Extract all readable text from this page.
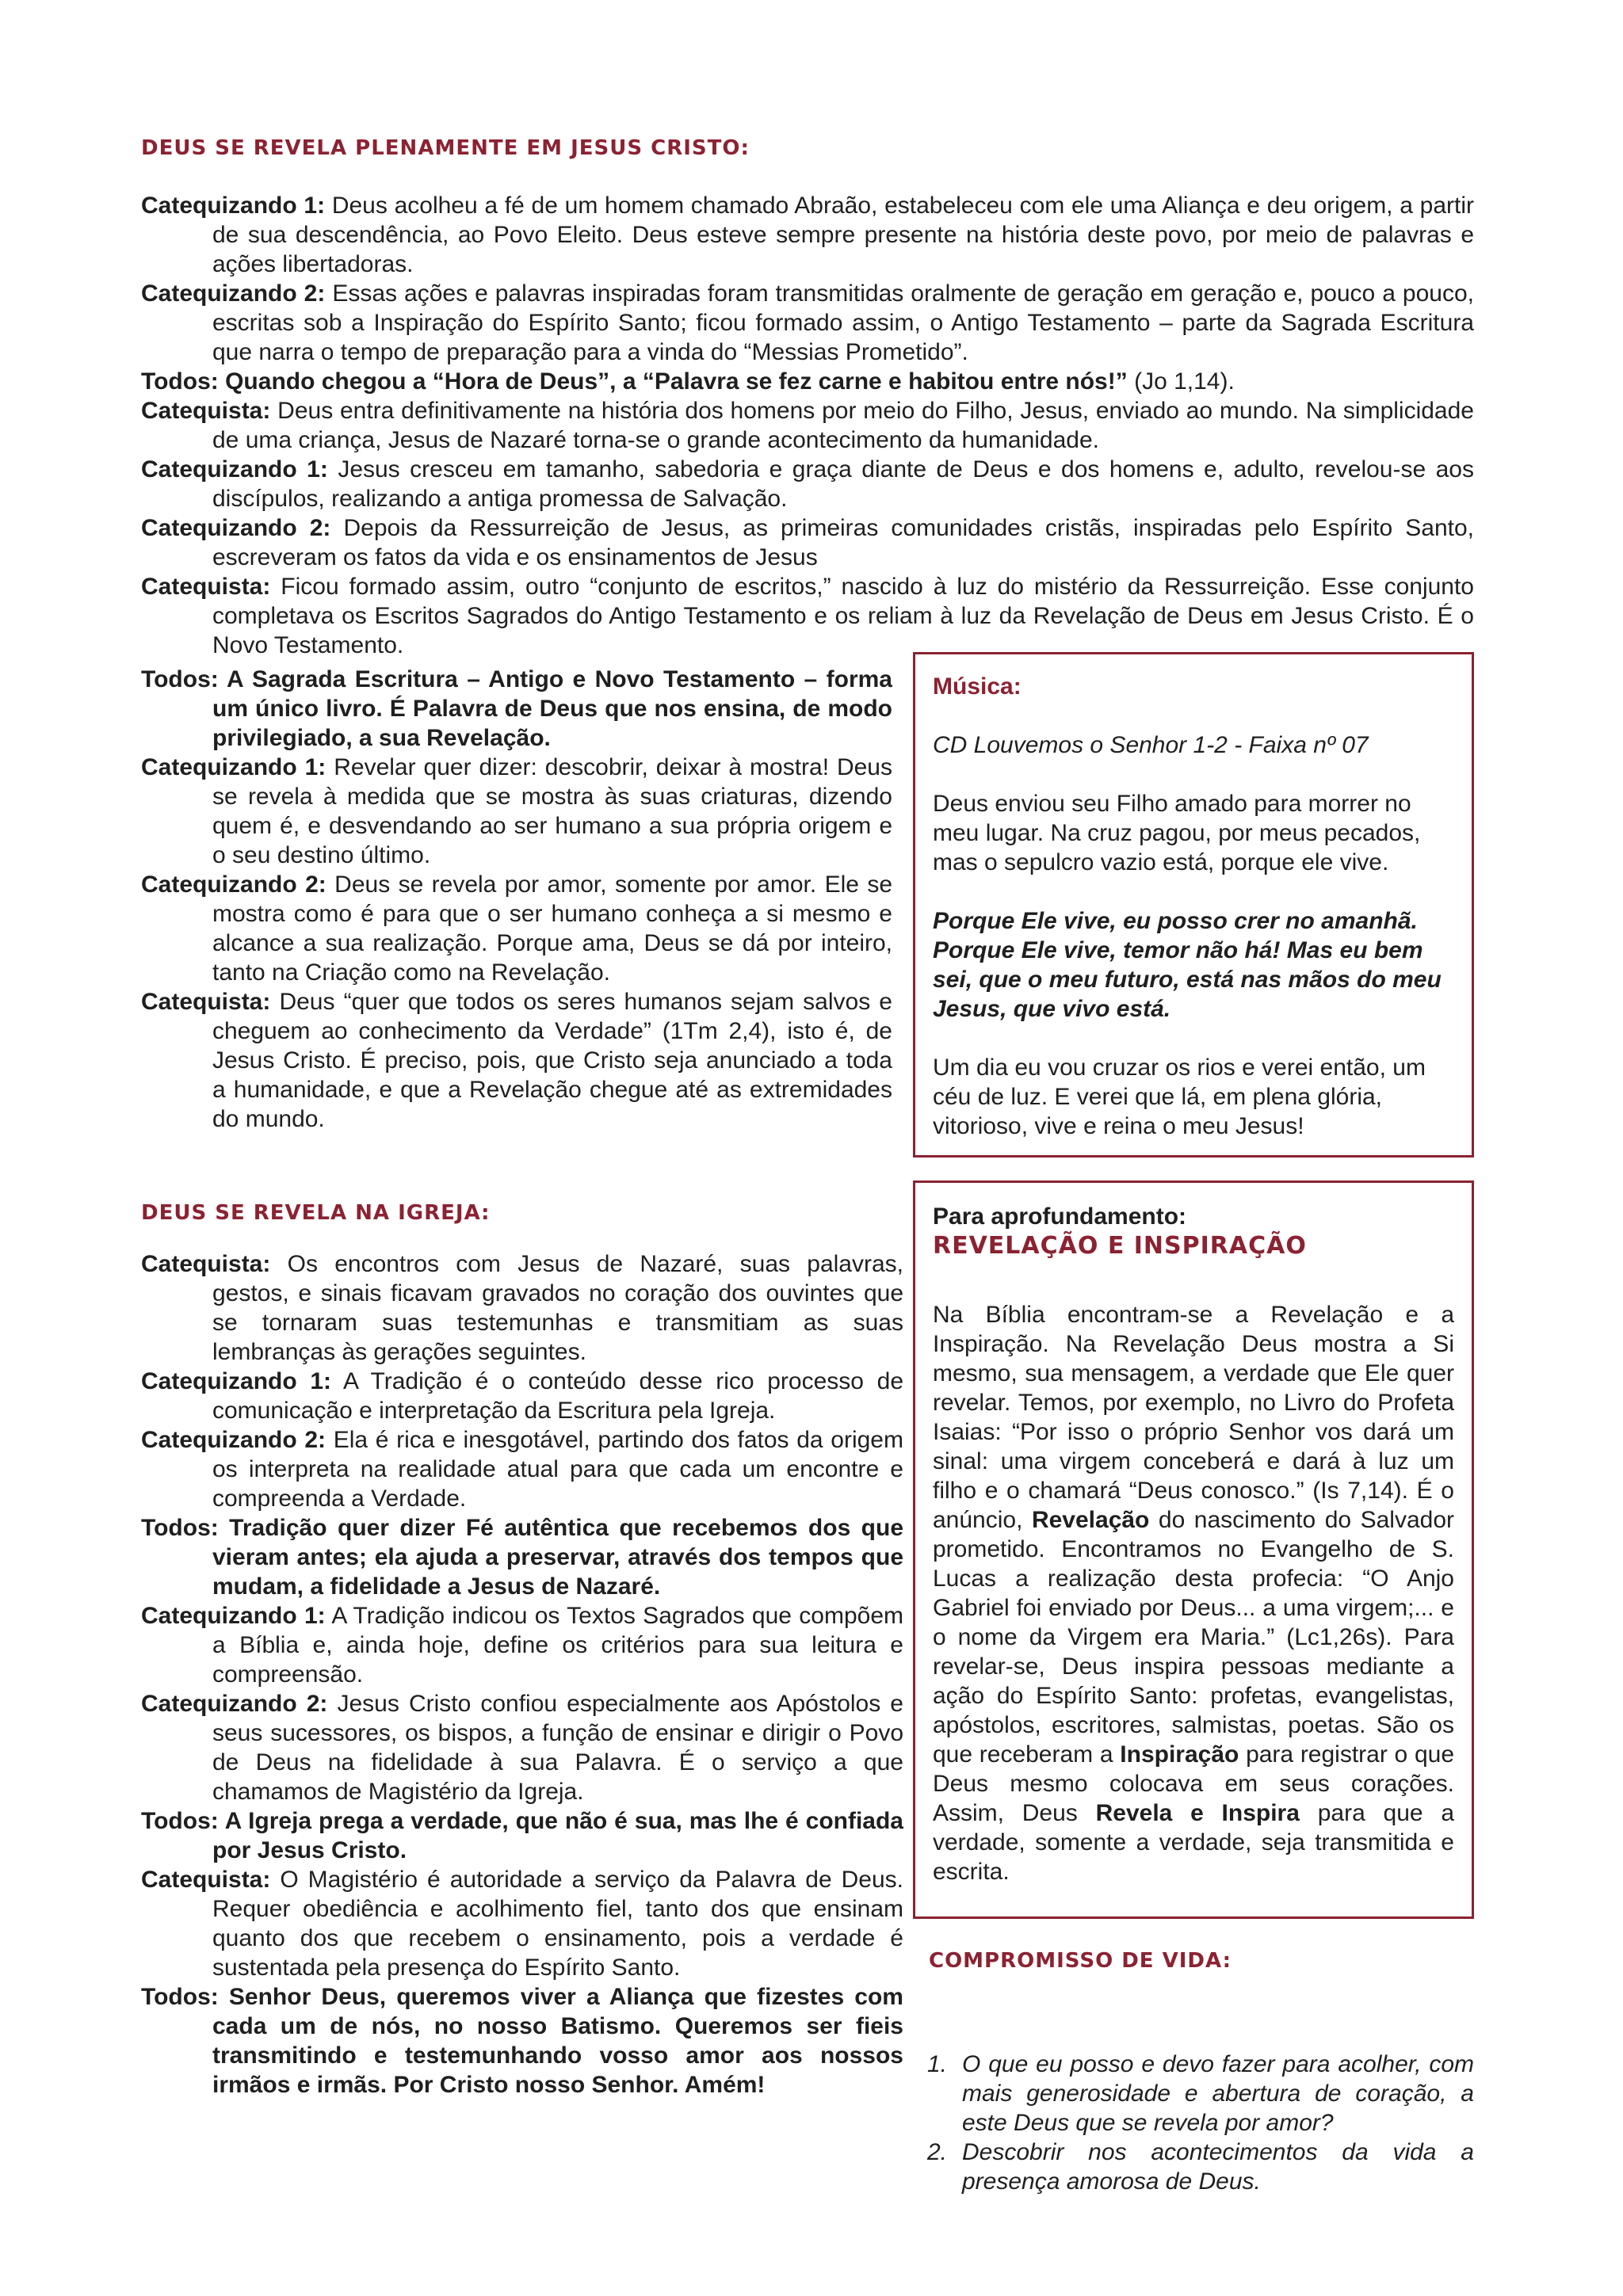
DEUS SE REVELA PLENAMENTE EM JESUS CRISTO:

Catequizando 1: Deus acolheu a fé de um homem chamado Abraão, estabeleceu com ele uma Aliança e deu origem, a partir de sua descendência, ao Povo Eleito. Deus esteve sempre presente na história deste povo, por meio de palavras e ações libertadoras.

Catequizando 2: Essas ações e palavras inspiradas foram transmitidas oralmente de geração em geração e, pouco a pouco, escritas sob a Inspiração do Espírito Santo; ficou formado assim, o Antigo Testamento – parte da Sagrada Escritura que narra o tempo de preparação para a vinda do “Messias Prometido”.

Todos: Quando chegou a “Hora de Deus”, a “Palavra se fez carne e habitou entre nós!” (Jo 1,14).

Catequista: Deus entra definitivamente na história dos homens por meio do Filho, Jesus, enviado ao mundo. Na simplicidade de uma criança, Jesus de Nazaré torna-se o grande acontecimento da humanidade.

Catequizando 1: Jesus cresceu em tamanho, sabedoria e graça diante de Deus e dos homens e, adulto, revelou-se aos discípulos, realizando a antiga promessa de Salvação.

Catequizando 2: Depois da Ressurreição de Jesus, as primeiras comunidades cristãs, inspiradas pelo Espírito Santo, escreveram os fatos da vida e os ensinamentos de Jesus

Catequista: Ficou formado assim, outro “conjunto de escritos,” nascido à luz do mistério da Ressurreição. Esse conjunto completava os Escritos Sagrados do Antigo Testamento e os reliam à luz da Revelação de Deus em Jesus Cristo. É o Novo Testamento.

Todos: A Sagrada Escritura – Antigo e Novo Testamento – forma um único livro. É Palavra de Deus que nos ensina, de modo privilegiado, a sua Revelação.

Catequizando 1: Revelar quer dizer: descobrir, deixar à mostra! Deus se revela à medida que se mostra às suas criaturas, dizendo quem é, e desvendando ao ser humano a sua própria origem e o seu destino último.

Catequizando 2: Deus se revela por amor, somente por amor. Ele se mostra como é para que o ser humano conheça a si mesmo e alcance a sua realização. Porque ama, Deus se dá por inteiro, tanto na Criação como na Revelação.

Catequista: Deus “quer que todos os seres humanos sejam salvos e cheguem ao conhecimento da Verdade” (1Tm 2,4), isto é, de Jesus Cristo. É preciso, pois, que Cristo seja anunciado a toda a humanidade, e que a Revelação chegue até as extremidades do mundo.

Música:

CD Louvemos o Senhor 1-2 - Faixa nº 07

Deus enviou seu Filho amado para morrer no meu lugar. Na cruz pagou, por meus pecados, mas o sepulcro vazio está, porque ele vive.

Porque Ele vive, eu posso crer no amanhã. Porque Ele vive, temor não há! Mas eu bem sei, que o meu futuro, está nas mãos do meu Jesus, que vivo está.

Um dia eu vou cruzar os rios e verei então, um céu de luz. E verei que lá, em plena glória, vitorioso, vive e reina o meu Jesus!

DEUS SE REVELA NA IGREJA:

Catequista: Os encontros com Jesus de Nazaré, suas palavras, gestos, e sinais ficavam gravados no coração dos ouvintes que se tornaram suas testemunhas e transmitiam as suas lembranças às gerações seguintes.

Catequizando 1: A Tradição é o conteúdo desse rico processo de comunicação e interpretação da Escritura pela Igreja.

Catequizando 2: Ela é rica e inesgotável, partindo dos fatos da origem os interpreta na realidade atual para que cada um encontre e compreenda a Verdade.

Todos: Tradição quer dizer Fé autêntica que recebemos dos que vieram antes; ela ajuda a preservar, através dos tempos que mudam, a fidelidade a Jesus de Nazaré.

Catequizando 1: A Tradição indicou os Textos Sagrados que compõem a Bíblia e, ainda hoje, define os critérios para sua leitura e compreensão.

Catequizando 2: Jesus Cristo confiou especialmente aos Apóstolos e seus sucessores, os bispos, a função de ensinar e dirigir o Povo de Deus na fidelidade à sua Palavra. É o serviço a que chamamos de Magistério da Igreja.

Todos: A Igreja prega a verdade, que não é sua, mas lhe é confiada por Jesus Cristo.

Catequista: O Magistério é autoridade a serviço da Palavra de Deus. Requer obediência e acolhimento fiel, tanto dos que ensinam quanto dos que recebem o ensinamento, pois a verdade é sustentada pela presença do Espírito Santo.

Todos: Senhor Deus, queremos viver a Aliança que fizestes com cada um de nós, no nosso Batismo. Queremos ser fieis transmitindo e testemunhando vosso amor aos nossos irmãos e irmãs. Por Cristo nosso Senhor. Amém!

Para aprofundamento:

REVELAÇÃO E INSPIRAÇÃO

Na Bíblia encontram-se a Revelação e a Inspiração. Na Revelação Deus mostra a Si mesmo, sua mensagem, a verdade que Ele quer revelar. Temos, por exemplo, no Livro do Profeta Isaias: “Por isso o próprio Senhor vos dará um sinal: uma virgem conceberá e dará à luz um filho e o chamará “Deus conosco.” (Is 7,14). É o anúncio, Revelação do nascimento do Salvador prometido. Encontramos no Evangelho de S. Lucas a realização desta profecia: “O Anjo Gabriel foi enviado por Deus... a uma virgem;... e o nome da Virgem era Maria.” (Lc1,26s). Para revelar-se, Deus inspira pessoas mediante a ação do Espírito Santo: profetas, evangelistas, apóstolos, escritores, salmistas, poetas. São os que receberam a Inspiração para registrar o que Deus mesmo colocava em seus corações. Assim, Deus Revela e Inspira para que a verdade, somente a verdade, seja transmitida e escrita.

COMPROMISSO DE VIDA:
1. O que eu posso e devo fazer para acolher, com mais generosidade e abertura de coração, a este Deus que se revela por amor?
2. Descobrir nos acontecimentos da vida a presença amorosa de Deus.
